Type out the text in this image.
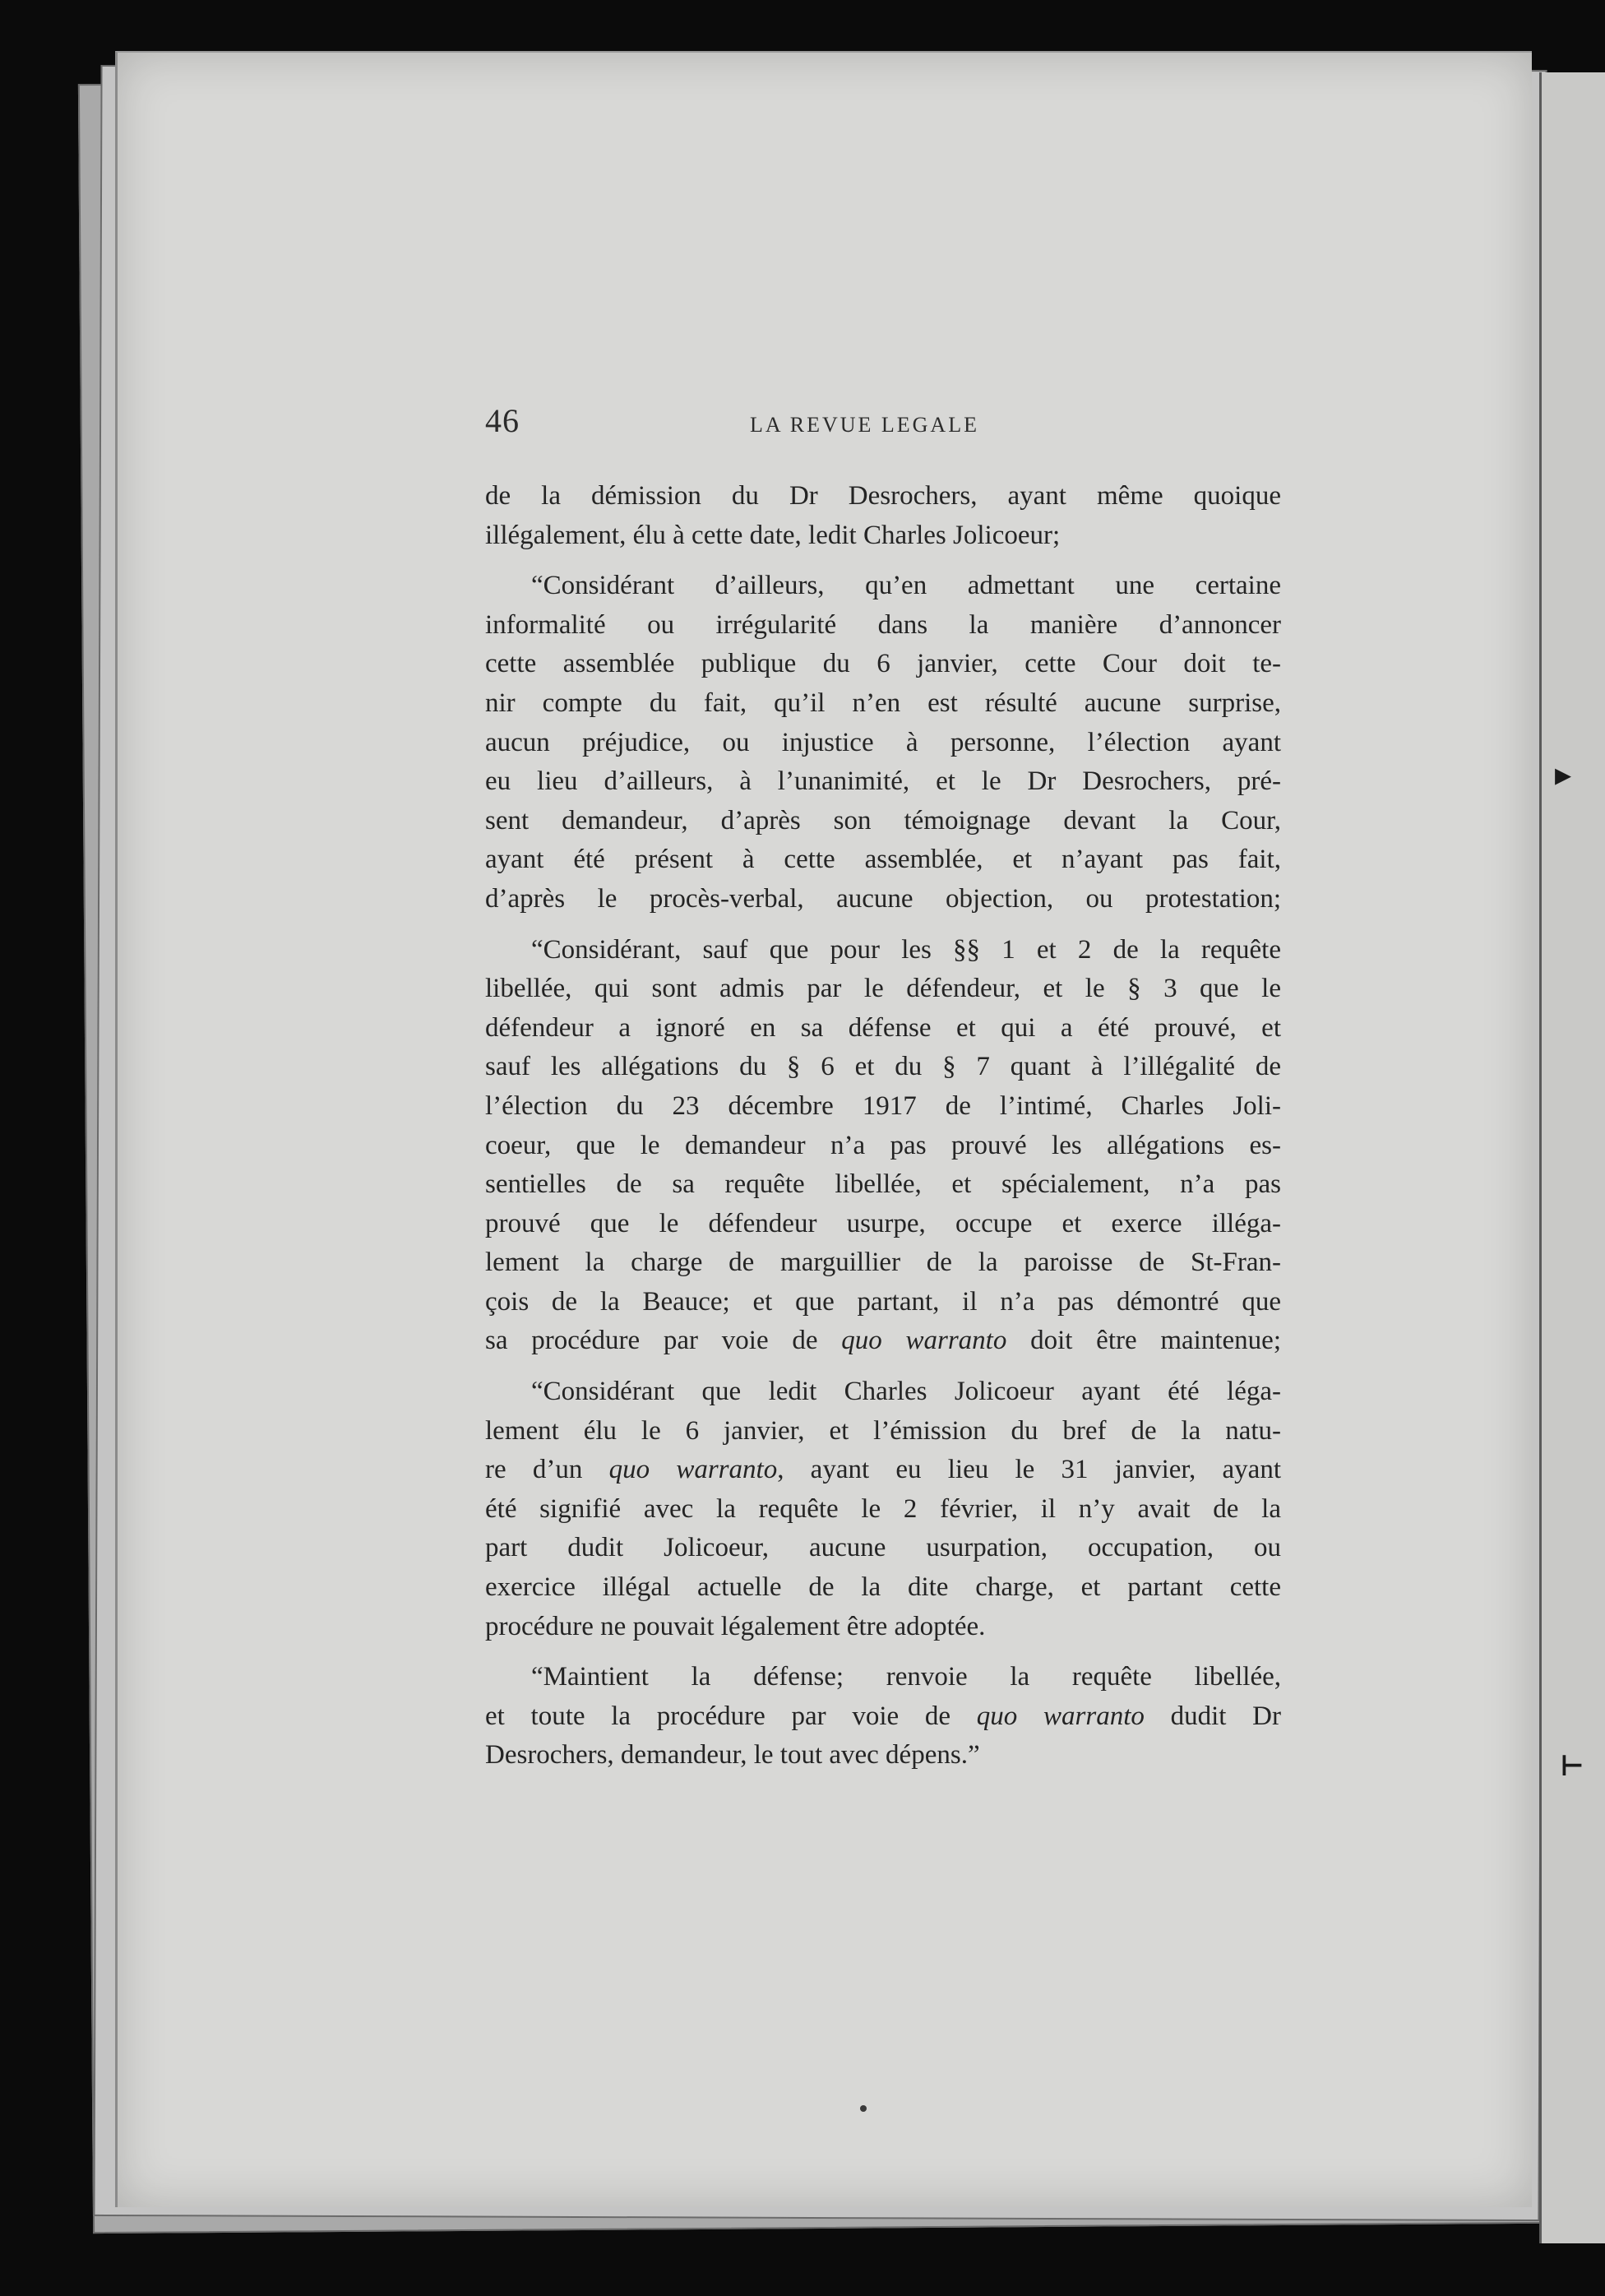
▸
⊢
46	LA REVUE LEGALE

de la démission du Dr Desrochers, ayant même quoique
illégalement, élu à cette date, ledit Charles Jolicoeur;

“Considérant d’ailleurs, qu’en admettant une certaine
informalité ou irrégularité dans la manière d’annoncer
cette assemblée publique du 6 janvier, cette Cour doit te-
nir compte du fait, qu’il n’en est résulté aucune surprise,
aucun préjudice, ou injustice à personne, l’élection ayant
eu lieu d’ailleurs, à l’unanimité, et le Dr Desrochers, pré-
sent demandeur, d’après son témoignage devant la Cour,
ayant été présent à cette assemblée, et n’ayant pas fait,
d’après le procès-verbal, aucune objection, ou protestation;

“Considérant, sauf que pour les §§ 1 et 2 de la requête
libellée, qui sont admis par le défendeur, et le § 3 que le
défendeur a ignoré en sa défense et qui a été prouvé, et
sauf les allégations du § 6 et du § 7 quant à l’illégalité de
l’élection du 23 décembre 1917 de l’intimé, Charles Joli-
coeur, que le demandeur n’a pas prouvé les allégations es-
sentielles de sa requête libellée, et spécialement, n’a pas
prouvé que le défendeur usurpe, occupe et exerce illéga-
lement la charge de marguillier de la paroisse de St-Fran-
çois de la Beauce; et que partant, il n’a pas démontré que
sa procédure par voie de quo warranto doit être maintenue;

“Considérant que ledit Charles Jolicoeur ayant été léga-
lement élu le 6 janvier, et l’émission du bref de la natu-
re d’un quo warranto, ayant eu lieu le 31 janvier, ayant
été signifié avec la requête le 2 février, il n’y avait de la
part dudit Jolicoeur, aucune usurpation, occupation, ou
exercice illégal actuelle de la dite charge, et partant cette
procédure ne pouvait légalement être adoptée.

“Maintient la défense; renvoie la requête libellée,
et toute la procédure par voie de quo warranto dudit Dr
Desrochers, demandeur, le tout avec dépens.”
